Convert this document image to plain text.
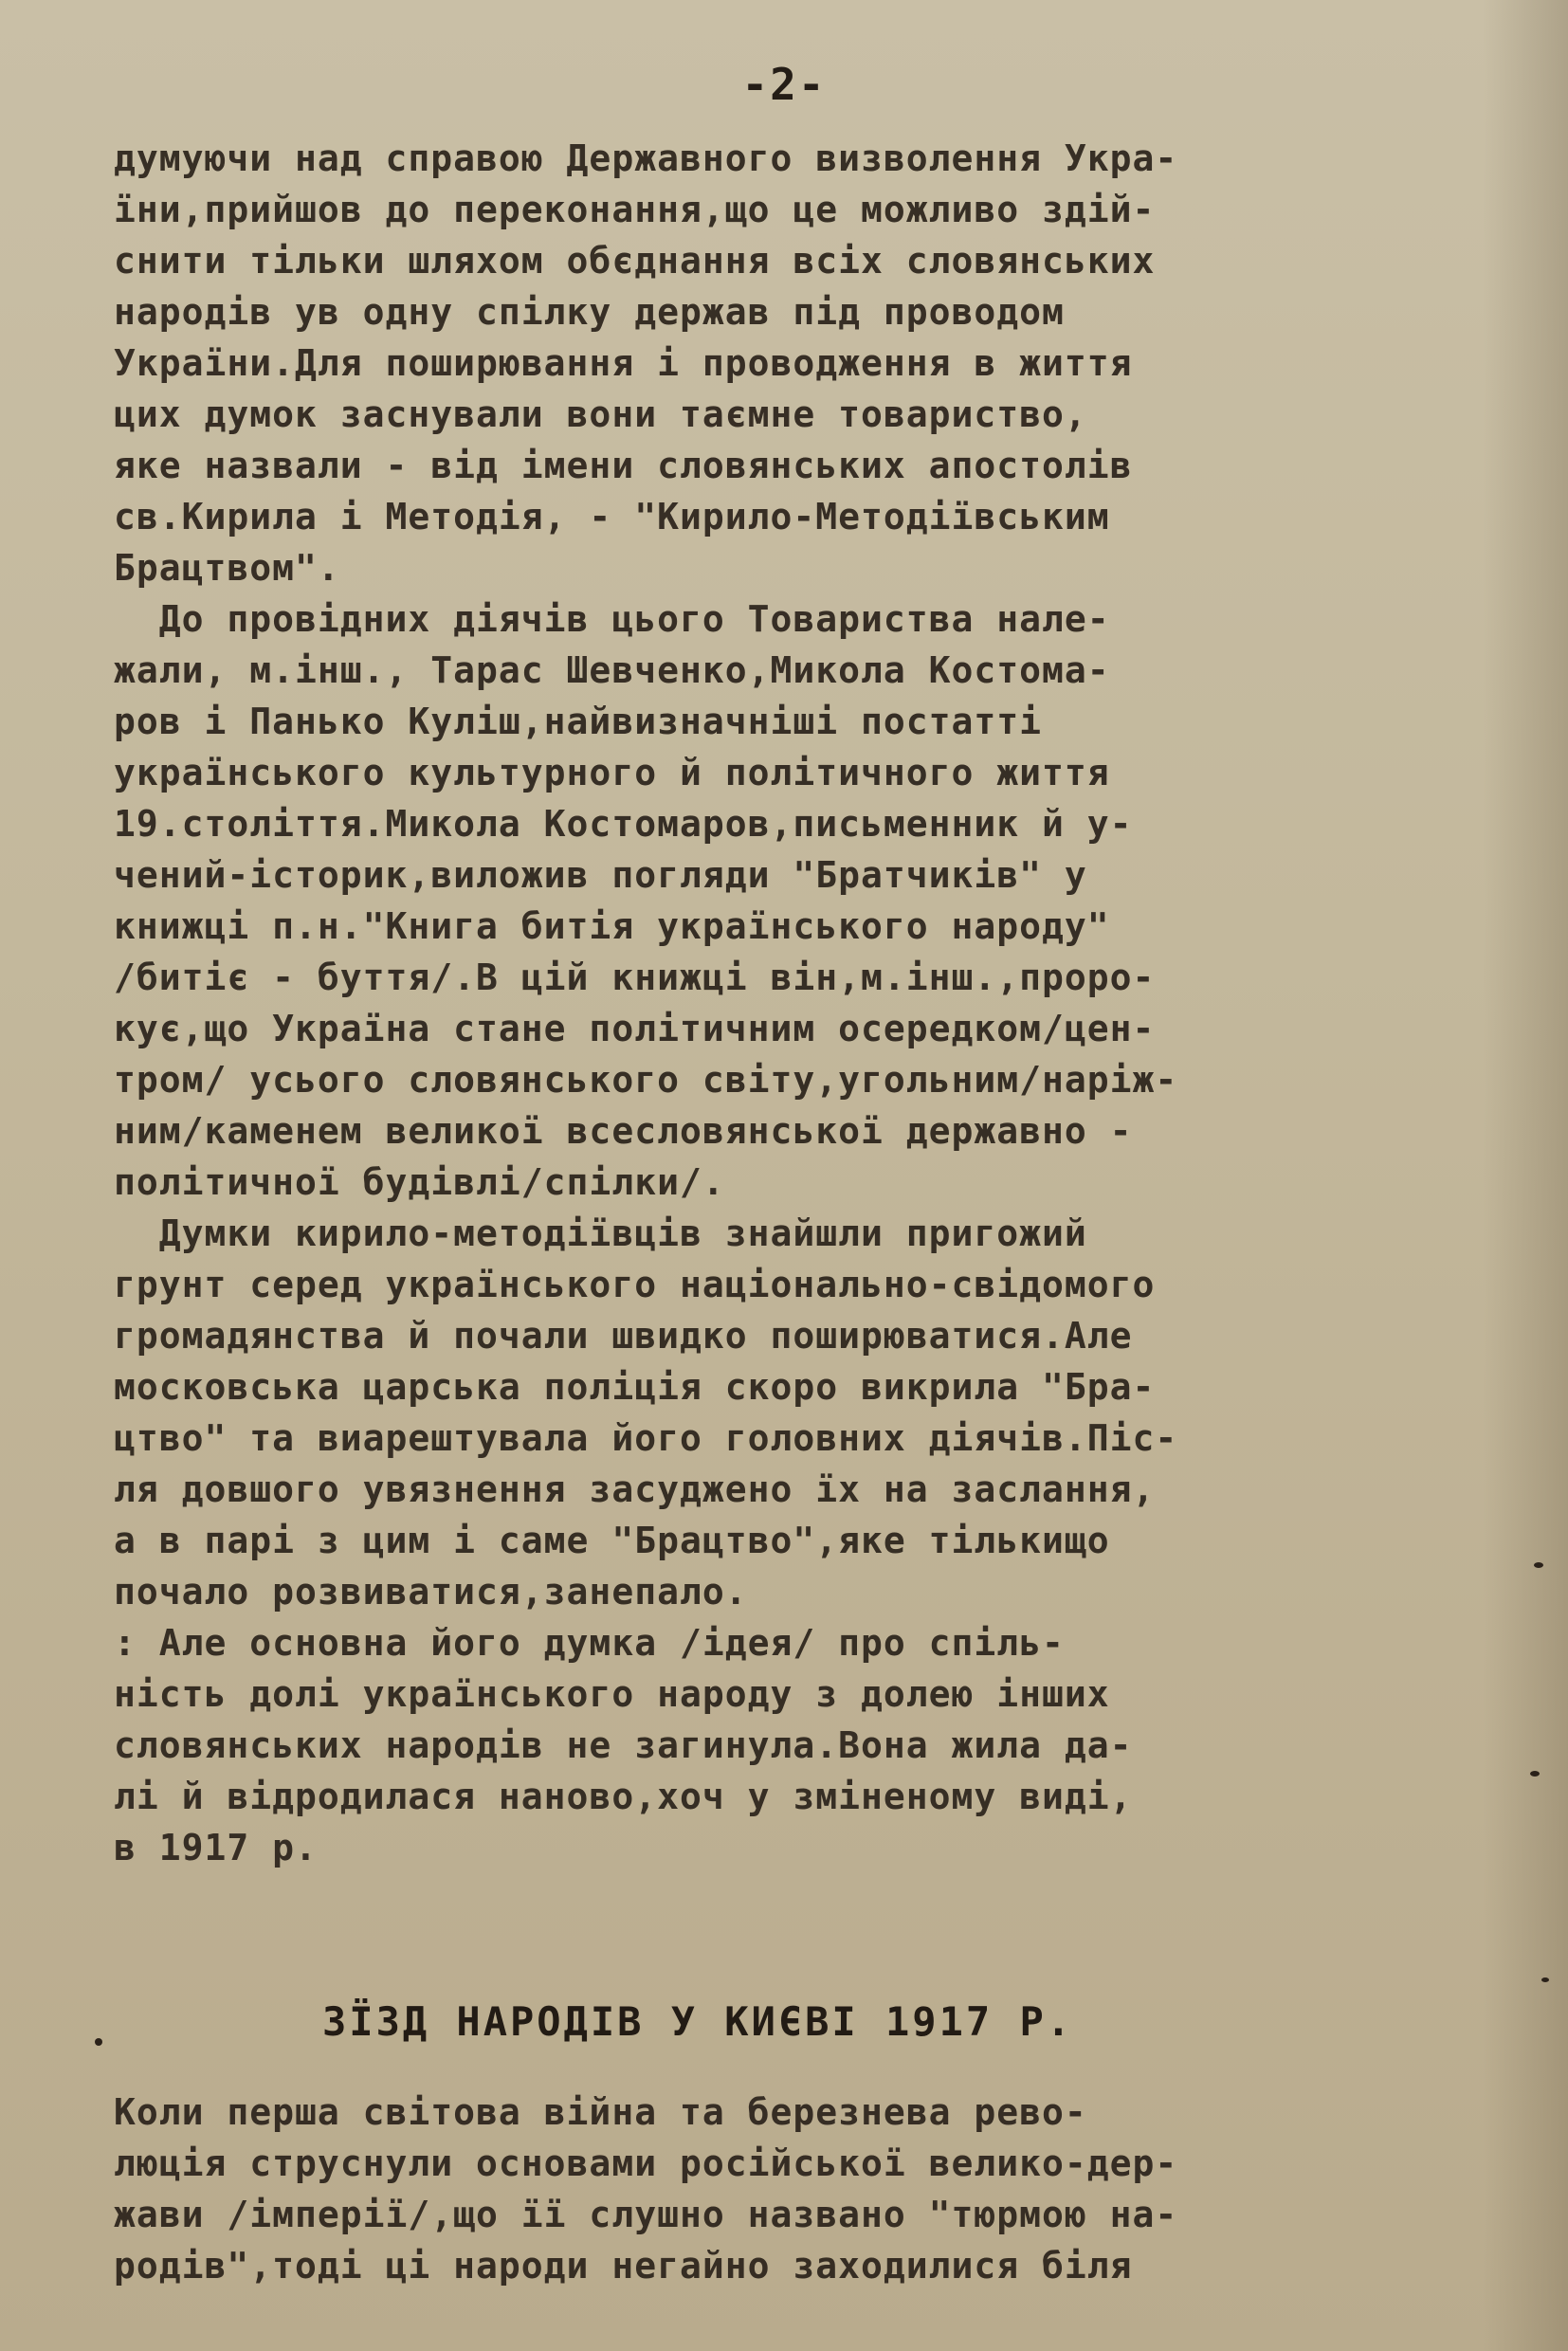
-2-
думуючи над справою Державного визволення Укра-
їни,прийшов до переконання,що це можливо здій-
снити тільки шляхом обєднання всіх словянських
народів ув одну спілку держав під проводом
України.Для поширювання і проводження в життя
цих думок заснували вони таємне товариство,
яке назвали - від імени словянських апостолів
св.Кирила і Методія, - "Кирило-Методіївським
Брацтвом".
До провідних діячів цього Товариства нале-
жали, м.інш., Тарас Шевченко,Микола Костома-
ров і Панько Куліш,найвизначніші постатті
українського культурного й політичного життя
19.століття.Микола Костомаров,письменник й у-
чений-історик,виложив погляди "Братчиків" у
книжці п.н."Книга битія українського народу"
/битіє - буття/.В цій книжці він,м.інш.,проро-
кує,що Україна стане політичним осередком/цен-
тром/ усього словянського світу,угольним/наріж-
ним/каменем великої всесловянської державно -
політичної будівлі/спілки/.
Думки кирило-методіївців знайшли пригожий
грунт серед українського національно-свідомого
громадянства й почали швидко поширюватися.Але
московська царська поліція скоро викрила "Бра-
цтво" та виарештувала його головних діячів.Піс-
ля довшого увязнення засуджено їх на заслання,
а в парі з цим і саме "Брацтво",яке тількищо
почало розвиватися,занепало.
: Але основна його думка /ідея/ про спіль-
ність долі українського народу з долею інших
словянських народів не загинула.Вона жила да-
лі й відродилася наново,хоч у зміненому виді,
в 1917 р.
ЗЇЗД НАРОДІВ У КИЄВІ 1917 Р.
Коли перша світова війна та березнева рево-
люція струснули основами російської велико-дер-
жави /імперії/,що її слушно названо "тюрмою на-
родів",тоді ці народи негайно заходилися біля
